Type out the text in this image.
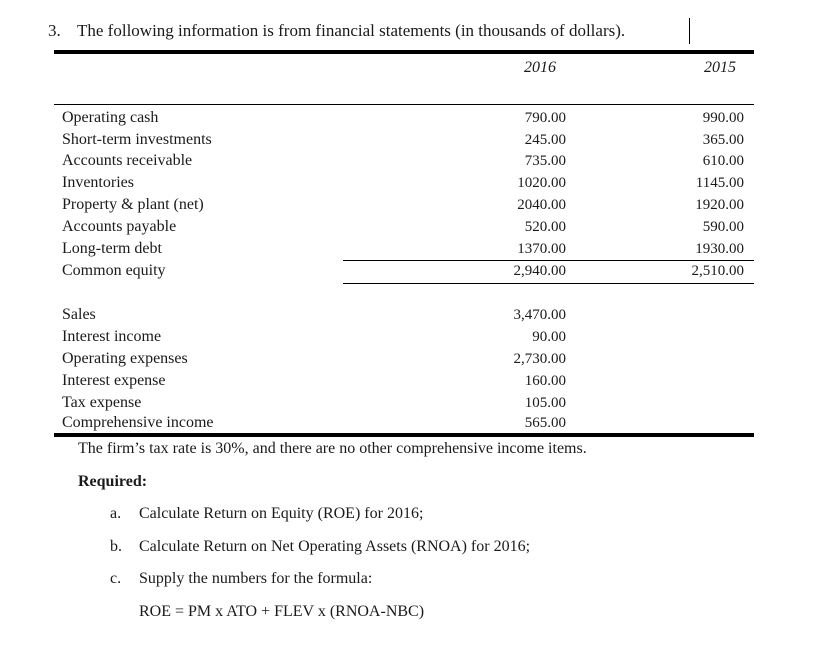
3. The following information is from financial statements (in thousands of dollars).
2016	2015
Operating cash	790.00	990.00
Short-term investments	245.00	365.00
Accounts receivable	735.00	610.00
Inventories	1020.00	1145.00
Property & plant (net)	2040.00	1920.00
Accounts payable	520.00	590.00
Long-term debt	1370.00	1930.00
Common equity	2,940.00	2,510.00
Sales	3,470.00
Interest income	90.00
Operating expenses	2,730.00
Interest expense	160.00
Tax expense	105.00
Comprehensive income	565.00
The firm’s tax rate is 30%, and there are no other comprehensive income items.
Required:
a. Calculate Return on Equity (ROE) for 2016;
b. Calculate Return on Net Operating Assets (RNOA) for 2016;
c. Supply the numbers for the formula:
ROE = PM x ATO + FLEV x (RNOA-NBC)
